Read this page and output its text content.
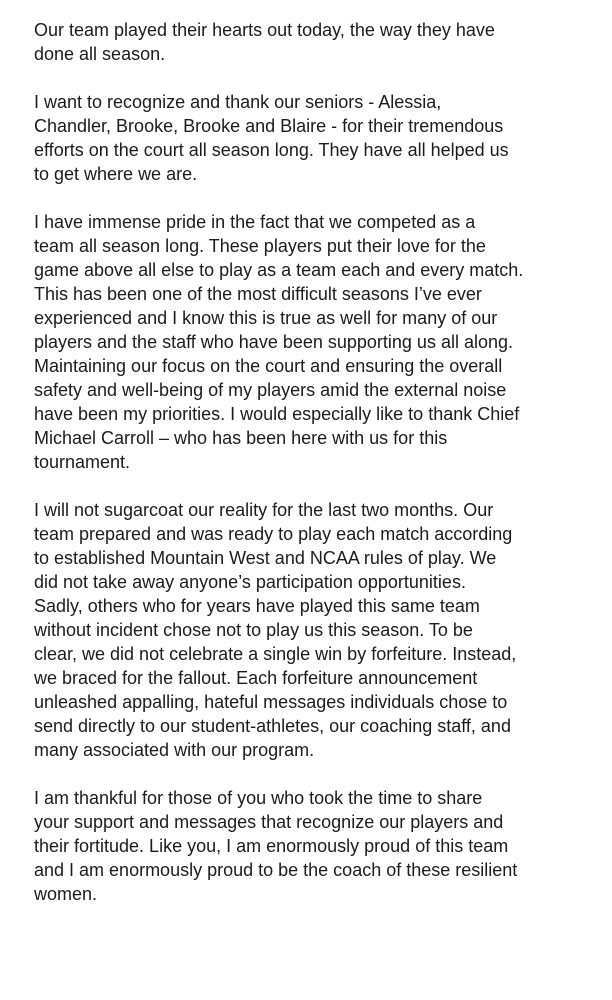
Our team played their hearts out today, the way they have
done all season.

I want to recognize and thank our seniors - Alessia,
Chandler, Brooke, Brooke and Blaire - for their tremendous
efforts on the court all season long. They have all helped us
to get where we are.

I have immense pride in the fact that we competed as a
team all season long. These players put their love for the
game above all else to play as a team each and every match.
This has been one of the most difficult seasons I’ve ever
experienced and I know this is true as well for many of our
players and the staff who have been supporting us all along.
Maintaining our focus on the court and ensuring the overall
safety and well-being of my players amid the external noise
have been my priorities. I would especially like to thank Chief
Michael Carroll – who has been here with us for this
tournament.

I will not sugarcoat our reality for the last two months. Our
team prepared and was ready to play each match according
to established Mountain West and NCAA rules of play. We
did not take away anyone’s participation opportunities.
Sadly, others who for years have played this same team
without incident chose not to play us this season. To be
clear, we did not celebrate a single win by forfeiture. Instead,
we braced for the fallout. Each forfeiture announcement
unleashed appalling, hateful messages individuals chose to
send directly to our student-athletes, our coaching staff, and
many associated with our program.

I am thankful for those of you who took the time to share
your support and messages that recognize our players and
their fortitude. Like you, I am enormously proud of this team
and I am enormously proud to be the coach of these resilient
women.
